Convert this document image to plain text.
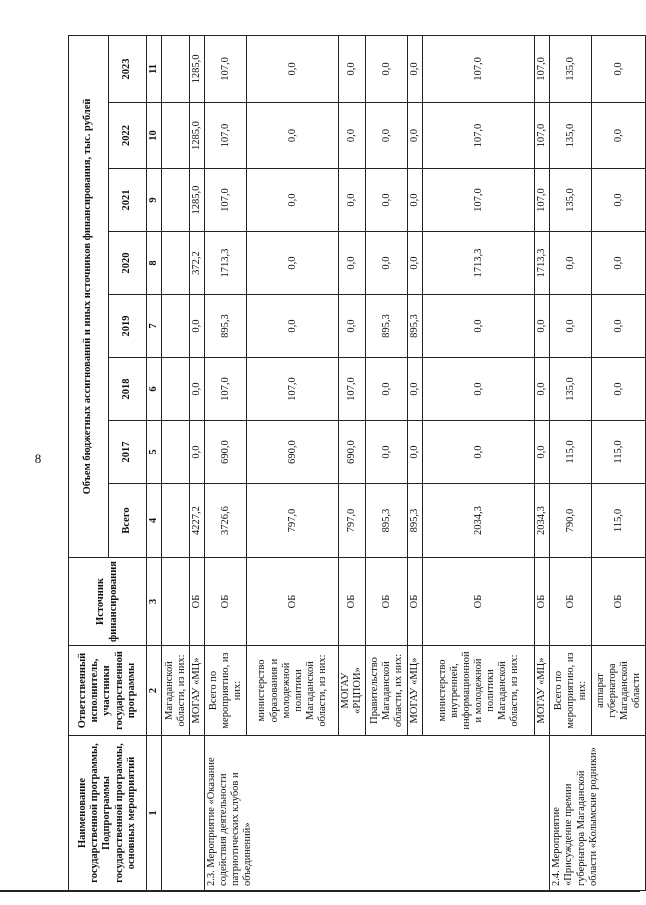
8
Наименование государственной программы, Подпрограммы государственной программы, основных мероприятий	Ответственный исполнитель, участники государственной программы	Источник финансирования	Объем бюджетных ассигнований и иных источников финансирования, тыс. рублей							
			Всего	2017	2018	2019	2020	2021	2022	2023
1	2	3	4	5	6	7	8	9	10	11
	Магаданской области, из них:									
	МОГАУ «МЦ»	ОБ	4227,2	0,0	0,0	0,0	372,2	1285,0	1285,0	1285,0
2.3. Мероприятие «Оказание содействия деятельности патриотических клубов и объединений»	Всего по мероприятию, из них:	ОБ	3726,6	690,0	107,0	895,3	1713,3	107,0	107,0	107,0
	министерство образования и молодежной политики Магаданской области, из них:	ОБ	797,0	690,0	107,0	0,0	0,0	0,0	0,0	0,0
	МОГАУ «РЦПОИ»	ОБ	797,0	690,0	107,0	0,0	0,0	0,0	0,0	0,0
	Правительство Магаданской области, их них:	ОБ	895,3	0,0	0,0	895,3	0,0	0,0	0,0	0,0
	МОГАУ «МЦ»	ОБ	895,3	0,0	0,0	895,3	0,0	0,0	0,0	0,0
	министерство внутренней, информационной и молодежной политики Магаданской области, из них:	ОБ	2034,3	0,0	0,0	0,0	1713,3	107,0	107,0	107,0
	МОГАУ «МЦ»	ОБ	2034,3	0,0	0,0	0,0	1713,3	107,0	107,0	107,0
2.4. Мероприятие «Присуждение премии губернатора Магаданской области «Колымские родники»	Всего по мероприятию, из них:	ОБ	790,0	115,0	135,0	0,0	0,0	135,0	135,0	135,0
	аппарат губернатора Магаданской области	ОБ	115,0	115,0	0,0	0,0	0,0	0,0	0,0	0,0
